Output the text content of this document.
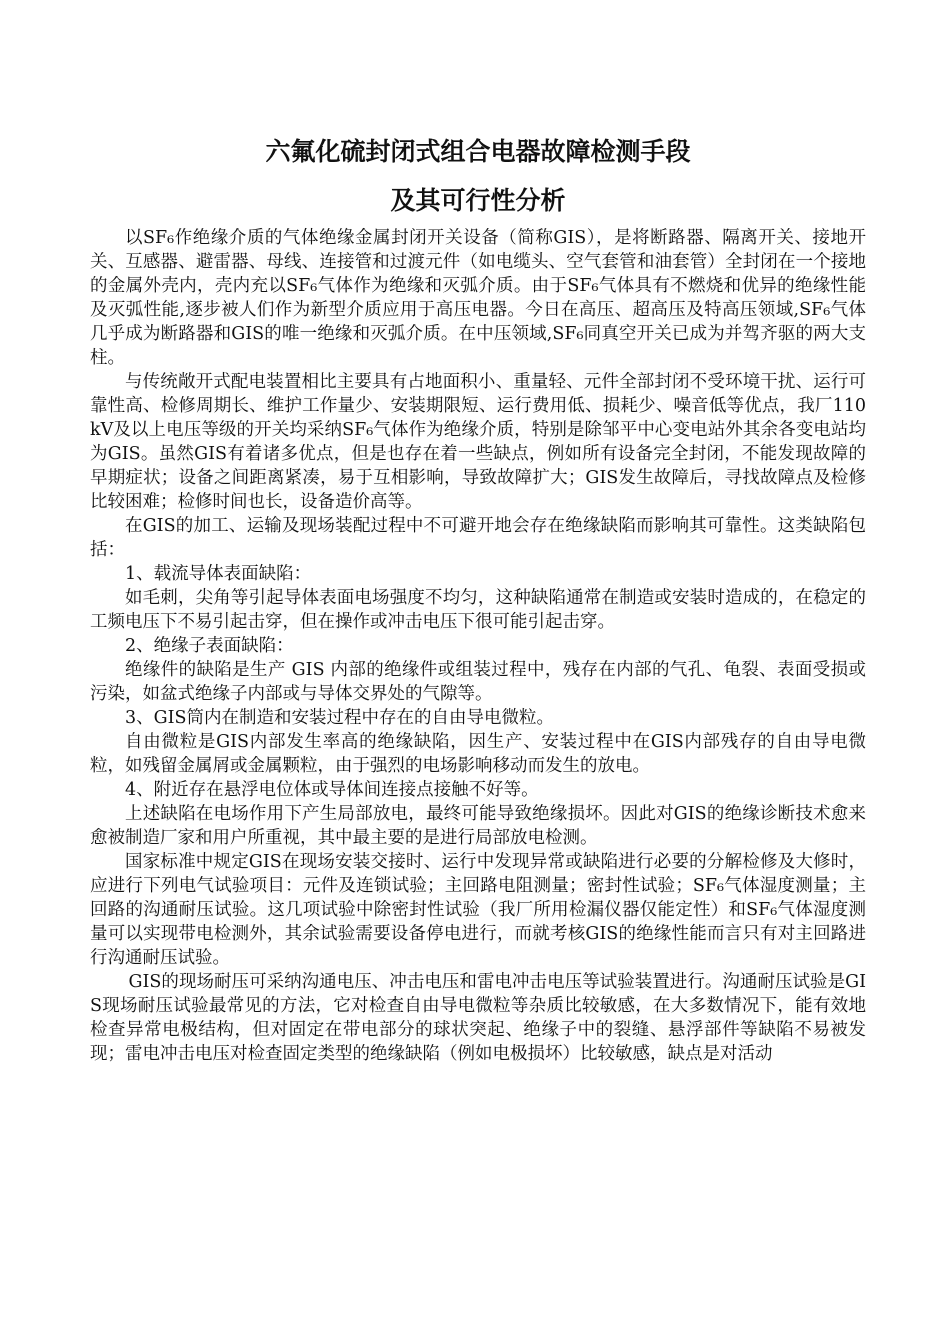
六氟化硫封闭式组合电器故障检测手段
及其可行性分析

以SF₆作绝缘介质的气体绝缘金属封闭开关设备（简称GIS），是将断路器、隔离开关、接地开关、互感器、避雷器、母线、连接管和过渡元件（如电缆头、空气套管和油套管）全封闭在一个接地的金属外壳内，壳内充以SF₆气体作为绝缘和灭弧介质。由于SF₆气体具有不燃烧和优异的绝缘性能及灭弧性能,逐步被人们作为新型介质应用于高压电器。今日在高压、超高压及特高压领域,SF₆气体几乎成为断路器和GIS的唯一绝缘和灭弧介质。在中压领域,SF₆同真空开关已成为并驾齐驱的两大支柱。

与传统敞开式配电装置相比主要具有占地面积小、重量轻、元件全部封闭不受环境干扰、运行可靠性高、检修周期长、维护工作量少、安装期限短、运行费用低、损耗少、噪音低等优点，我厂110kV及以上电压等级的开关均采纳SF₆气体作为绝缘介质，特别是除邹平中心变电站外其余各变电站均为GIS。虽然GIS有着诸多优点，但是也存在着一些缺点，例如所有设备完全封闭，不能发现故障的早期症状；设备之间距离紧凑，易于互相影响，导致故障扩大；GIS发生故障后，寻找故障点及检修比较困难；检修时间也长，设备造价高等。

在GIS的加工、运输及现场装配过程中不可避开地会存在绝缘缺陷而影响其可靠性。这类缺陷包括：

1、载流导体表面缺陷：

如毛刺，尖角等引起导体表面电场强度不均匀，这种缺陷通常在制造或安装时造成的，在稳定的工频电压下不易引起击穿，但在操作或冲击电压下很可能引起击穿。

2、绝缘子表面缺陷：

绝缘件的缺陷是生产 GIS 内部的绝缘件或组装过程中，残存在内部的气孔、龟裂、表面受损或污染，如盆式绝缘子内部或与导体交界处的气隙等。

3、GIS筒内在制造和安装过程中存在的自由导电微粒。

自由微粒是GIS内部发生率高的绝缘缺陷，因生产、安装过程中在GIS内部残存的自由导电微粒，如残留金属屑或金属颗粒，由于强烈的电场影响移动而发生的放电。

4、附近存在悬浮电位体或导体间连接点接触不好等。

上述缺陷在电场作用下产生局部放电，最终可能导致绝缘损坏。因此对GIS的绝缘诊断技术愈来愈被制造厂家和用户所重视，其中最主要的是进行局部放电检测。

国家标准中规定GIS在现场安装交接时、运行中发现异常或缺陷进行必要的分解检修及大修时，应进行下列电气试验项目：元件及连锁试验；主回路电阻测量；密封性试验；SF₆气体湿度测量；主回路的沟通耐压试验。这几项试验中除密封性试验（我厂所用检漏仪器仅能定性）和SF₆气体湿度测量可以实现带电检测外，其余试验需要设备停电进行，而就考核GIS的绝缘性能而言只有对主回路进行沟通耐压试验。

GIS的现场耐压可采纳沟通电压、冲击电压和雷电冲击电压等试验装置进行。沟通耐压试验是GIS现场耐压试验最常见的方法，它对检查自由导电微粒等杂质比较敏感，在大多数情况下，能有效地检查异常电极结构，但对固定在带电部分的球状突起、绝缘子中的裂缝、悬浮部件等缺陷不易被发现；雷电冲击电压对检查固定类型的绝缘缺陷（例如电极损坏）比较敏感，缺点是对活动
